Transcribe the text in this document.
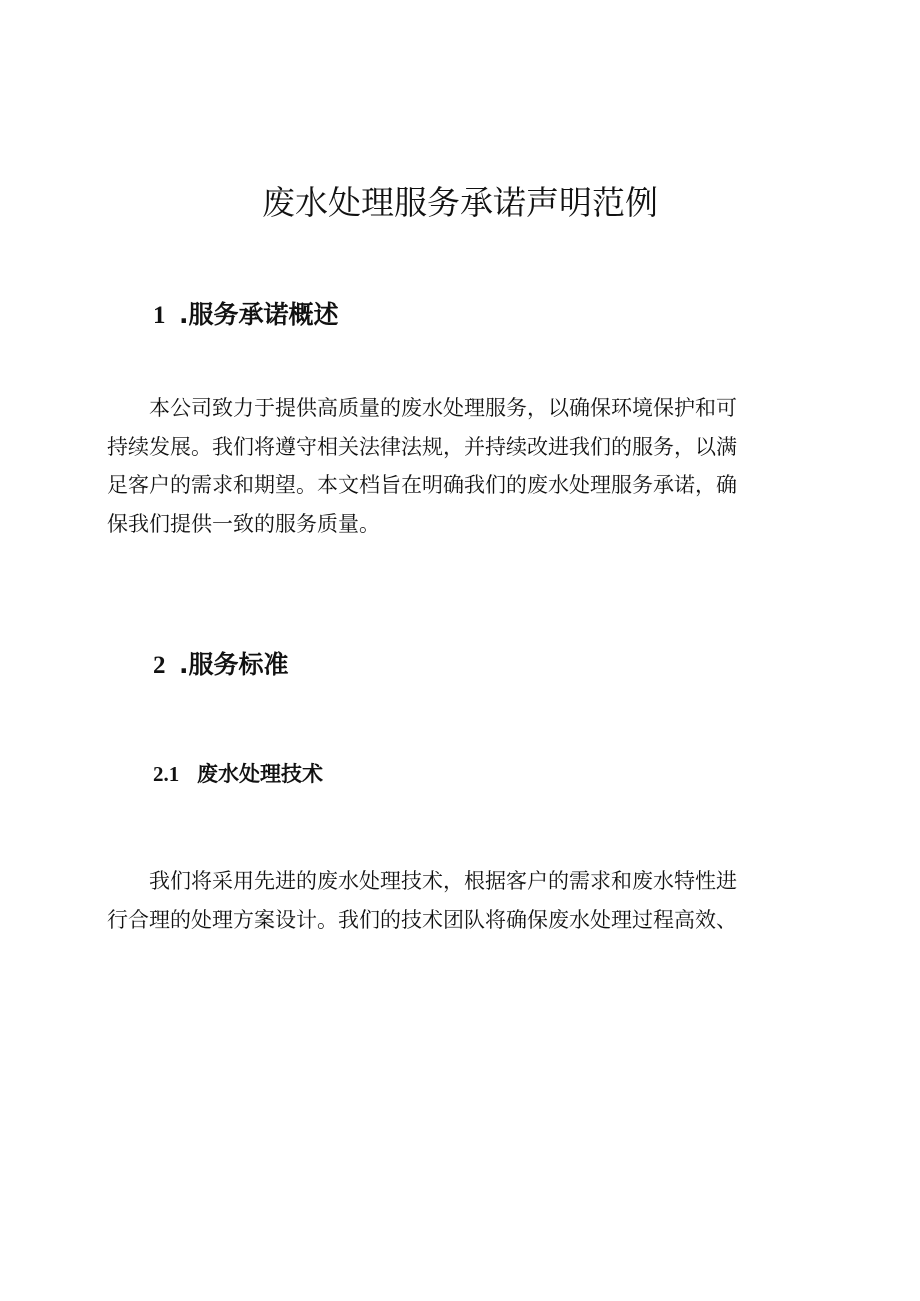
废水处理服务承诺声明范例
1 .服务承诺概述
　　本公司致力于提供高质量的废水处理服务，以确保环境保护和可
持续发展。我们将遵守相关法律法规，并持续改进我们的服务，以满
足客户的需求和期望。本文档旨在明确我们的废水处理服务承诺，确
保我们提供一致的服务质量。
2 .服务标准
2.1 废水处理技术
　　我们将采用先进的废水处理技术，根据客户的需求和废水特性进
行合理的处理方案设计。我们的技术团队将确保废水处理过程高效、
